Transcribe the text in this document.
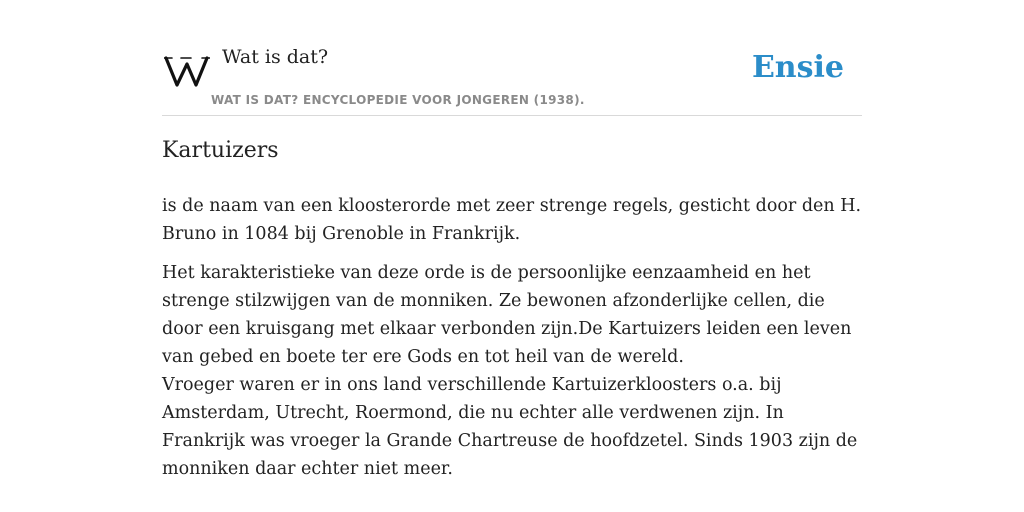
Wat is dat?
WAT IS DAT? ENCYCLOPEDIE VOOR JONGEREN (1938).
Ensie
Kartuizers

is de naam van een kloosterorde met zeer strenge regels, gesticht door den H. Bruno in 1084 bij Grenoble in Frankrijk.

Het karakteristieke van deze orde is de persoonlijke eenzaamheid en het strenge stilzwijgen van de monniken. Ze bewonen afzonderlijke cellen, die door een kruisgang met elkaar verbonden zijn.De Kartuizers leiden een leven van gebed en boete ter ere Gods en tot heil van de wereld.
Vroeger waren er in ons land verschillende Kartuizerkloosters o.a. bij Amsterdam, Utrecht, Roermond, die nu echter alle verdwenen zijn. In Frankrijk was vroeger la Grande Chartreuse de hoofdzetel. Sinds 1903 zijn de monniken daar echter niet meer.
